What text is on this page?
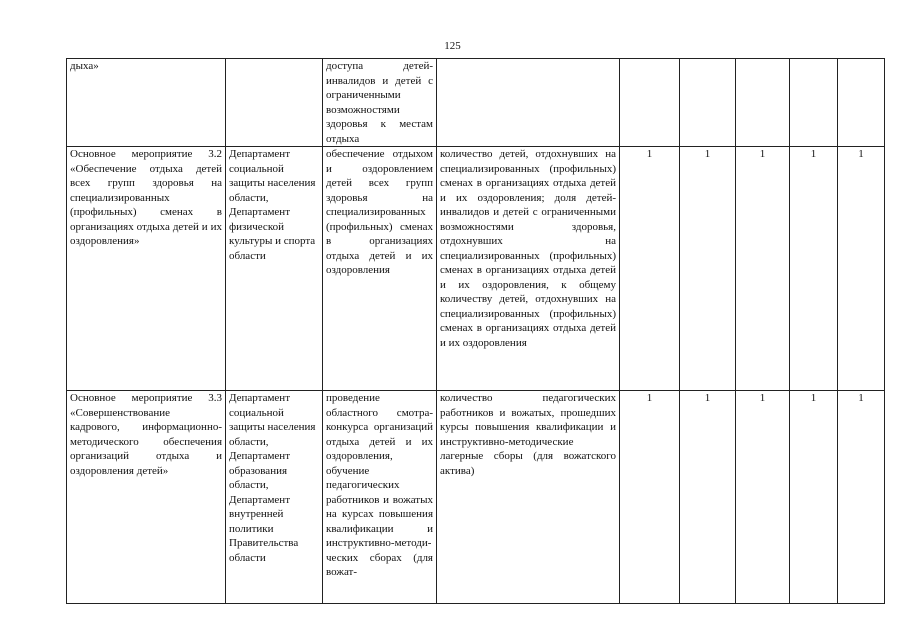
125
дыха»		доступа детей-инвалидов и детей с ограниченными возможностями здоровья к местам отдыха						

Основное мероприятие 3.2 «Обеспечение отдыха детей всех групп здоровья на специализированных (профильных) сменах в организациях отдыха детей и их оздоровления»	Департамент социальной защиты населения области, Департамент физической культуры и спорта области	обеспечение отдыхом и оздоровлением детей всех групп здоровья на специализированных (профильных) сменах в организациях отдыха детей и их оздоровления	количество детей, отдохнувших на специализированных (профильных) сменах в организациях отдыха детей и их оздоровления; доля детей-инвалидов и детей с ограниченными возможностями здоровья, отдохнувших на специализированных (профильных) сменах в организациях отдыха детей и их оздоровления, к общему количеству детей, отдохнувших на специализированных (профильных) сменах в организациях отдыха детей и их оздоровления	1	1	1	1	1

Основное мероприятие 3.3 «Совершенствование кадрового, информационно-методического обеспечения организаций отдыха и оздоровления детей»	Департамент социальной защиты населения области, Департамент образования области, Департамент внутренней политики Правительства области	проведение областного смотра-конкурса организаций отдыха детей и их оздоровления, обучение педагогических работников и вожатых на курсах повышения квалификации и инструктивно-методи-ческих сборах (для вожат-	количество педагогических работников и вожатых, прошедших курсы повышения квалификации и инструктивно-методические лагерные сборы (для вожатского актива)	1	1	1	1	1
